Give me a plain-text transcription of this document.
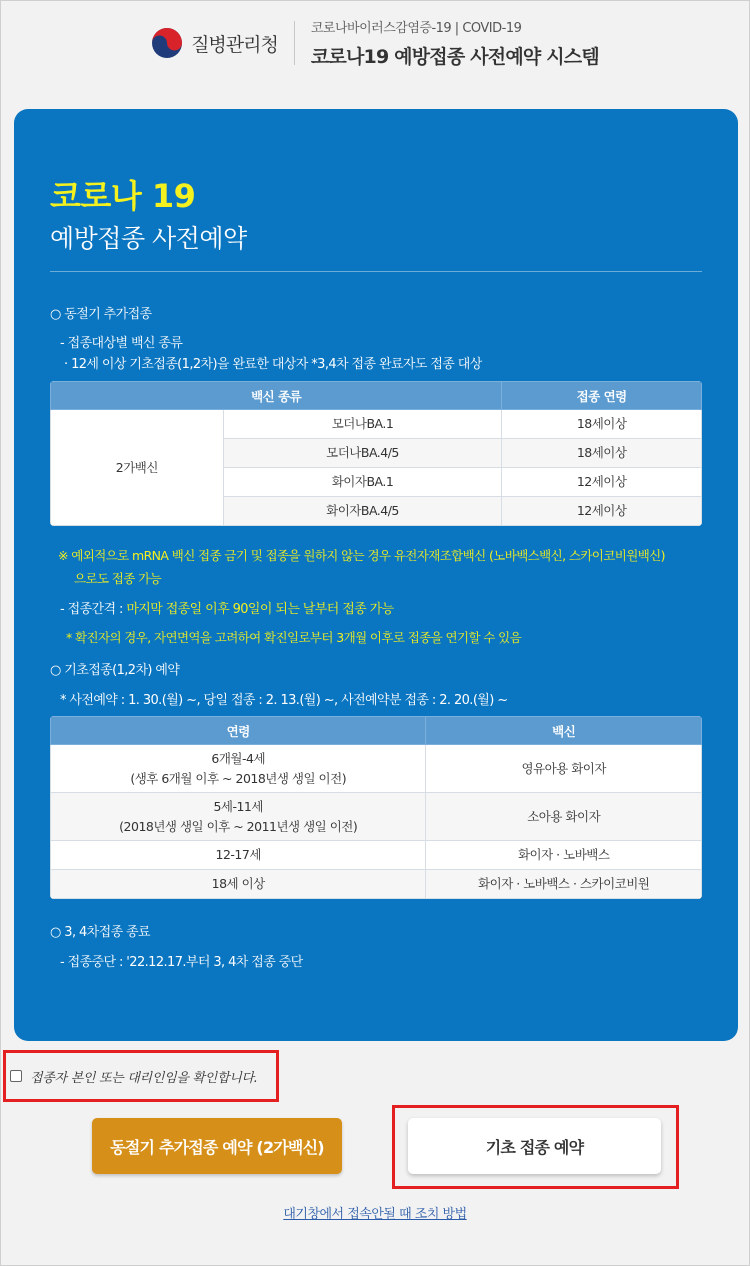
질병관리청
코로나바이러스감염증-19 | COVID-19
코로나19 예방접종 사전예약 시스템
코로나 19
예방접종 사전예약
○ 동절기 추가접종
- 접종대상별 백신 종류
· 12세 이상 기초접종(1,2차)을 완료한 대상자 *3,4차 접종 완료자도 접종 대상
백신 종류		접종 연령
2가백신	모더나BA.1	18세이상
	모더나BA.4/5	18세이상
	화이자BA.1	12세이상
	화이자BA.4/5	12세이상
※ 예외적으로 mRNA 백신 접종 금기 및 접종을 원하지 않는 경우 유전자재조합백신 (노바백스백신, 스카이코비원백신)
으로도 접종 가능
- 접종간격 : 마지막 접종일 이후 90일이 되는 날부터 접종 가능
* 확진자의 경우, 자연면역을 고려하여 확진일로부터 3개월 이후로 접종을 연기할 수 있음
○ 기초접종(1,2차) 예약
* 사전예약 : 1. 30.(월) ~, 당일 접종 : 2. 13.(월) ~, 사전예약분 접종 : 2. 20.(월) ~
연령	백신

6개월-4세
(생후 6개월 이후 ~ 2018년생 생일 이전)	영유아용 화이자

5세-11세
(2018년생 생일 이후 ~ 2011년생 생일 이전)	소아용 화이자
12-17세	화이자 · 노바백스
18세 이상	화이자 · 노바백스 · 스카이코비원
○ 3, 4차접종 종료
- 접종중단 : '22.12.17.부터 3, 4차 접종 중단
접종자 본인 또는 대리인임을 확인합니다.
동절기 추가접종 예약 (2가백신)	기초 접종 예약
대기창에서 접속안될 때 조치 방법
